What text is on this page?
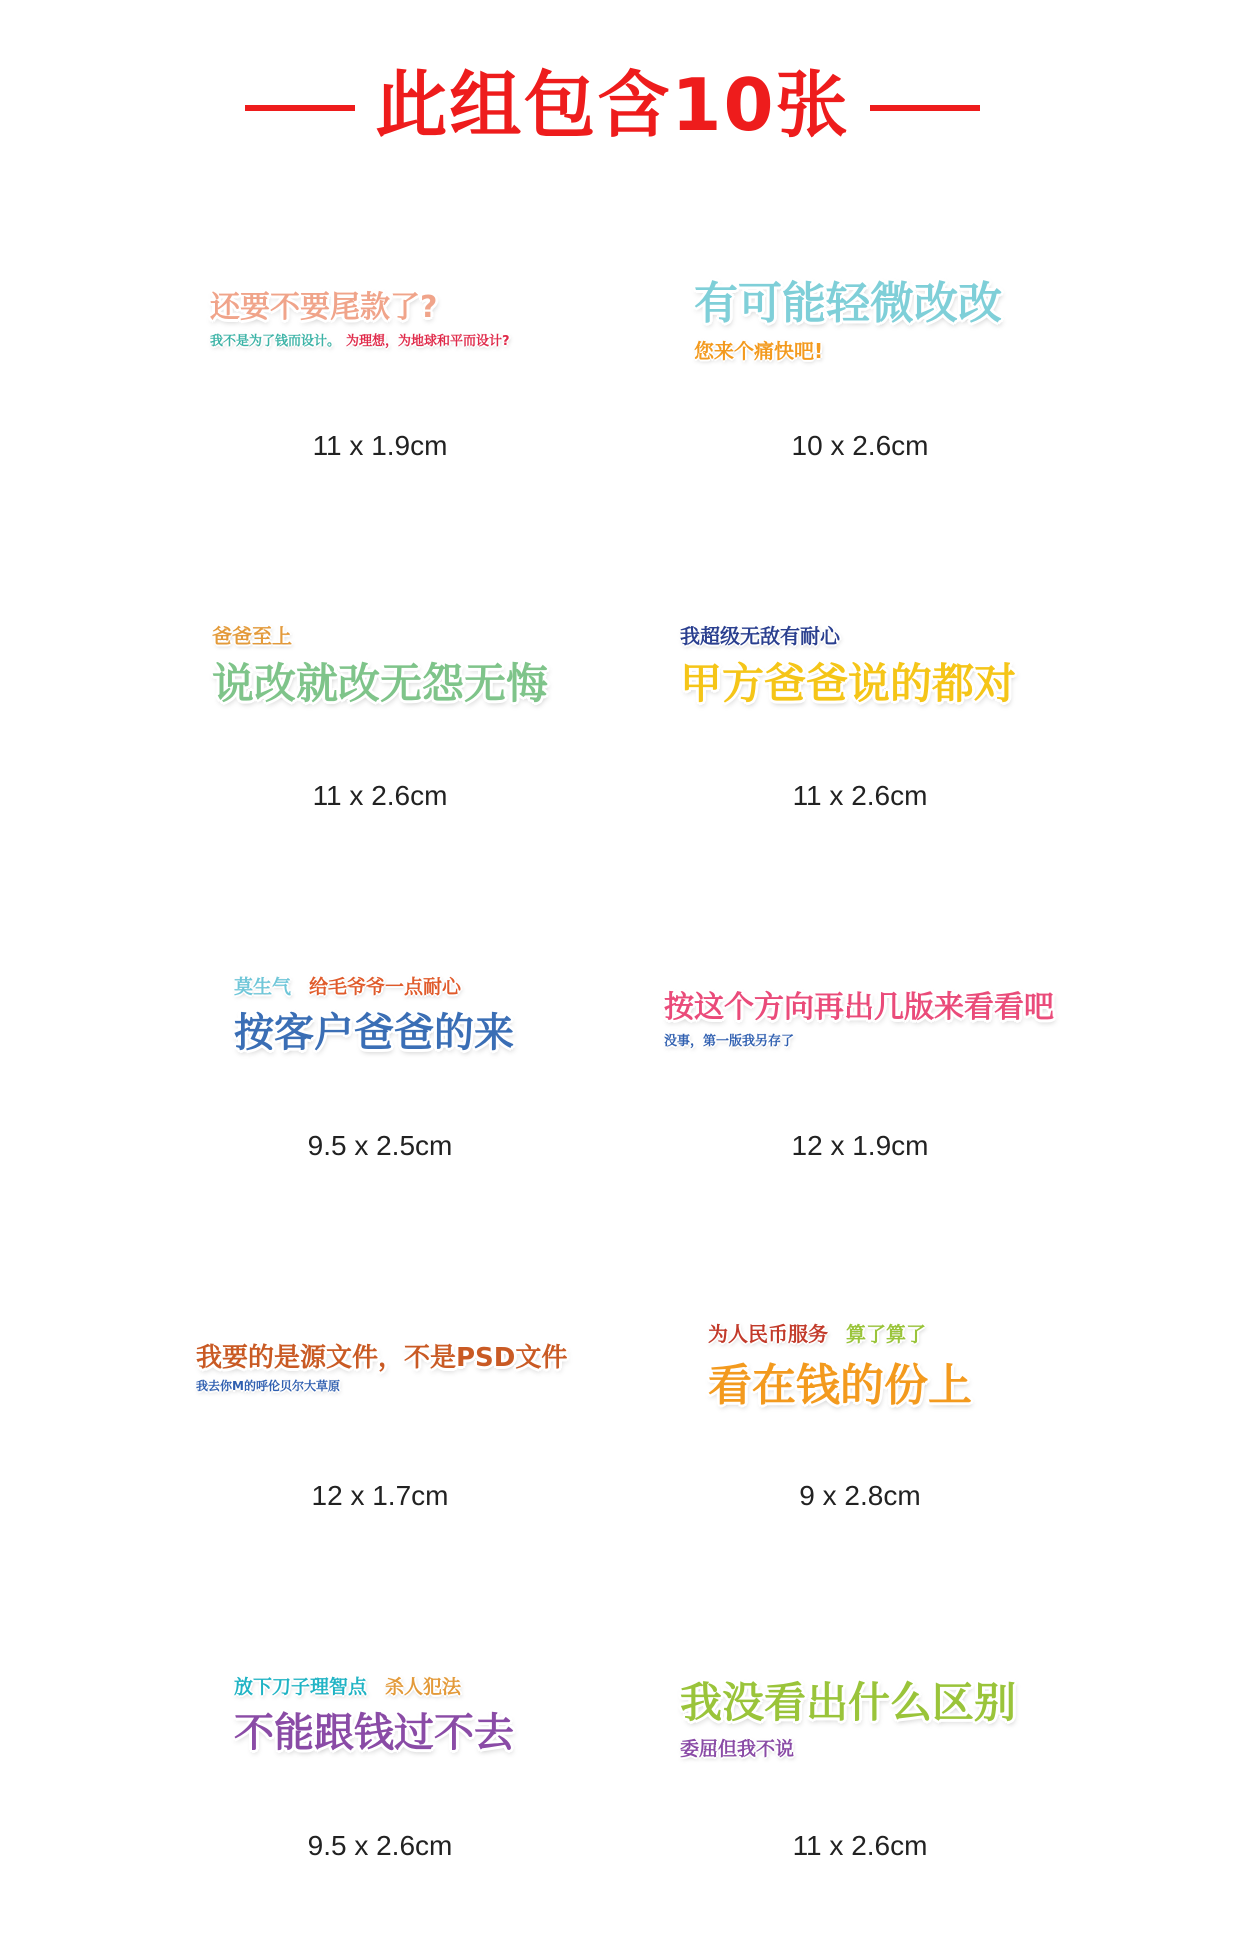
此组包含10张
还要不要尾款了?
我不是为了钱而设计。 为理想，为地球和平而设计?
11 x 1.9cm
有可能轻微改改
您来个痛快吧!
10 x 2.6cm
爸爸至上
说改就改无怨无悔
11 x 2.6cm
我超级无敌有耐心
甲方爸爸说的都对
11 x 2.6cm
莫生气 给毛爷爷一点耐心
按客户爸爸的来
9.5 x 2.5cm
按这个方向再出几版来看看吧
没事，第一版我另存了
12 x 1.9cm
我要的是源文件，不是PSD文件
我去你M的呼伦贝尔大草原
12 x 1.7cm
为人民币服务 算了算了
看在钱的份上
9 x 2.8cm
放下刀子理智点 杀人犯法
不能跟钱过不去
9.5 x 2.6cm
我没看出什么区别
委屈但我不说
11 x 2.6cm
